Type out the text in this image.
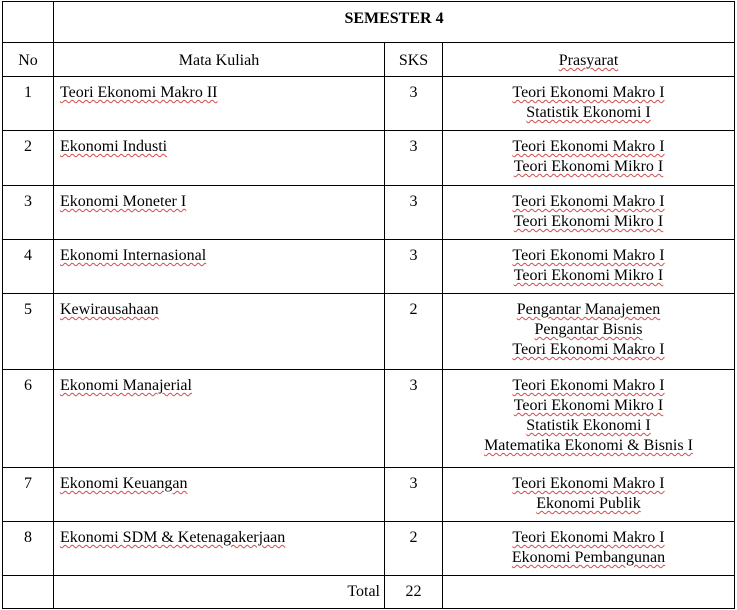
	SEMESTER 4		
No	Mata Kuliah	SKS	Prasyarat
1	Teori Ekonomi Makro II	3	Teori Ekonomi Makro I
Statistik Ekonomi I

2	Ekonomi Industi	3	Teori Ekonomi Makro I
Teori Ekonomi Mikro I

3	Ekonomi Moneter I	3	Teori Ekonomi Makro I
Teori Ekonomi Mikro I

4	Ekonomi Internasional	3	Teori Ekonomi Makro I
Teori Ekonomi Mikro I

5	Kewirausahaan	2	Pengantar Manajemen
Pengantar Bisnis
Teori Ekonomi Makro I

6	Ekonomi Manajerial	3	Teori Ekonomi Makro I
Teori Ekonomi Mikro I
Statistik Ekonomi I
Matematika Ekonomi & Bisnis I

7	Ekonomi Keuangan	3	Teori Ekonomi Makro I
Ekonomi Publik

8	Ekonomi SDM & Ketenagakerjaan	2	Teori Ekonomi Makro I
Ekonomi Pembangunan

	Total	22	
